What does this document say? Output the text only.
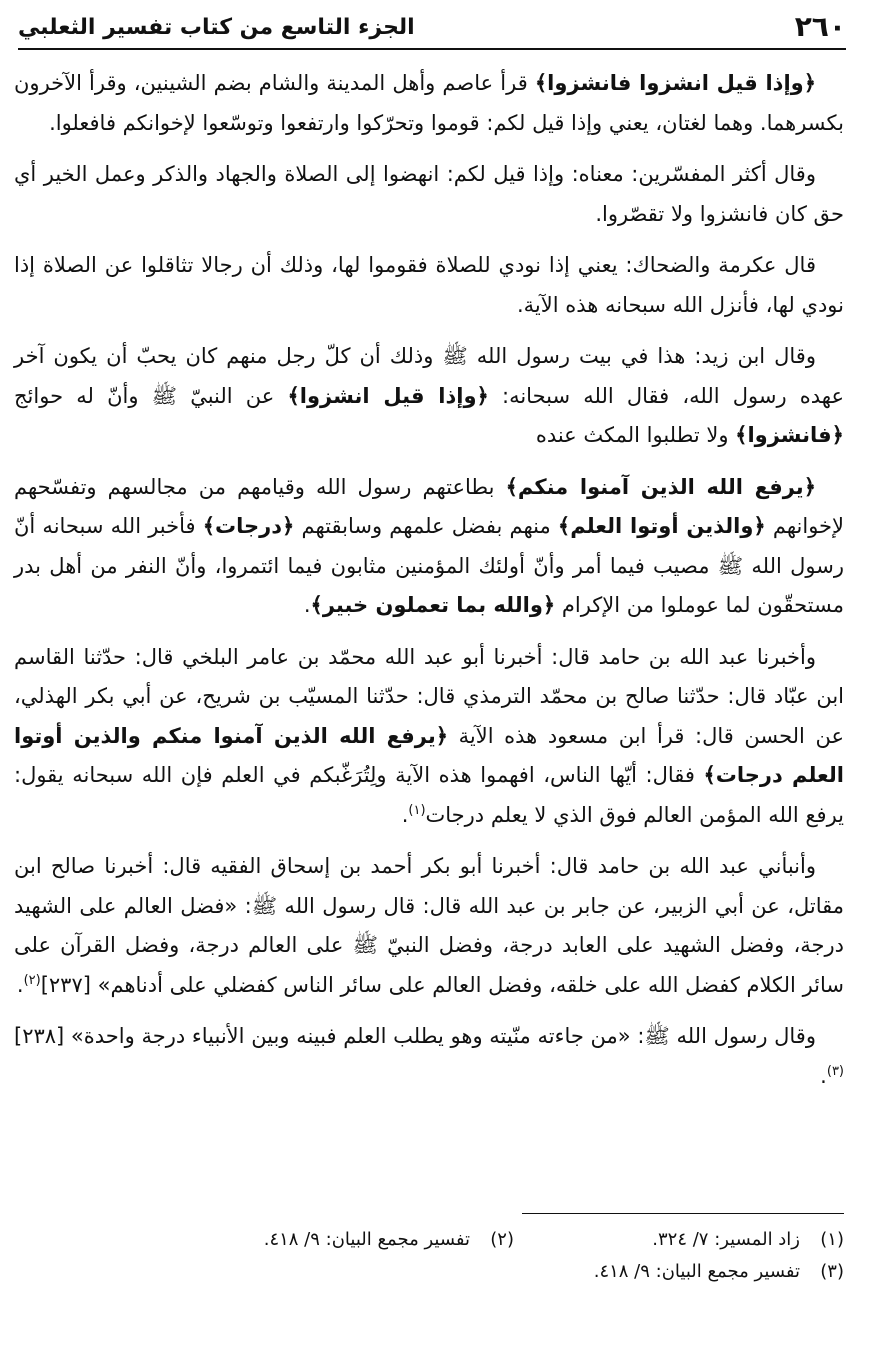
٢٦٠
الجزء التاسع من كتاب تفسير الثعلبي

﴿وإذا قيل انشزوا فانشزوا﴾ قرأ عاصم وأهل المدينة والشام بضم الشينين، وقرأ الآخرون بكسرهما. وهما لغتان، يعني وإذا قيل لكم: قوموا وتحرّكوا وارتفعوا وتوسّعوا لإخوانكم فافعلوا.

وقال أكثر المفسّرين: معناه: وإذا قيل لكم: انهضوا إلى الصلاة والجهاد والذكر وعمل الخير أي حق كان فانشزوا ولا تقصّروا.

قال عكرمة والضحاك: يعني إذا نودي للصلاة فقوموا لها، وذلك أن رجالا تثاقلوا عن الصلاة إذا نودي لها، فأنزل الله سبحانه هذه الآية.

وقال ابن زيد: هذا في بيت رسول الله ﷺ وذلك أن كلّ رجل منهم كان يحبّ أن يكون آخر عهده رسول الله، فقال الله سبحانه: ﴿وإذا قيل انشزوا﴾ عن النبيّ ﷺ وأنّ له حوائج ﴿فانشزوا﴾ ولا تطلبوا المكث عنده

﴿يرفع الله الذين آمنوا منكم﴾ بطاعتهم رسول الله وقيامهم من مجالسهم وتفسّحهم لإخوانهم ﴿والذين أوتوا العلم﴾ منهم بفضل علمهم وسابقتهم ﴿درجات﴾ فأخبر الله سبحانه أنّ رسول الله ﷺ مصيب فيما أمر وأنّ أولئك المؤمنين مثابون فيما ائتمروا، وأنّ النفر من أهل بدر مستحقّون لما عوملوا من الإكرام ﴿والله بما تعملون خبير﴾.

وأخبرنا عبد الله بن حامد قال: أخبرنا أبو عبد الله محمّد بن عامر البلخي قال: حدّثنا القاسم ابن عبّاد قال: حدّثنا صالح بن محمّد الترمذي قال: حدّثنا المسيّب بن شريح، عن أبي بكر الهذلي، عن الحسن قال: قرأ ابن مسعود هذه الآية ﴿يرفع الله الذين آمنوا منكم والذين أوتوا العلم درجات﴾ فقال: أيّها الناس، افهموا هذه الآية ولِتُرَغّبكم في العلم فإن الله سبحانه يقول: يرفع الله المؤمن العالم فوق الذي لا يعلم درجات$^{(١)}$.

وأنبأني عبد الله بن حامد قال: أخبرنا أبو بكر أحمد بن إسحاق الفقيه قال: أخبرنا صالح ابن مقاتل، عن أبي الزبير، عن جابر بن عبد الله قال: قال رسول الله ﷺ: «فضل العالم على الشهيد درجة، وفضل الشهيد على العابد درجة، وفضل النبيّ ﷺ على العالم درجة، وفضل القرآن على سائر الكلام كفضل الله على خلقه، وفضل العالم على سائر الناس كفضلي على أدناهم» [٢٣٧]$^{(٢)}$.

وقال رسول الله ﷺ: «من جاءته منّيته وهو يطلب العلم فبينه وبين الأنبياء درجة واحدة» [٢٣٨]$^{(٣)}$.

(١)زاد المسير: ٧/ ٣٢٤.
(٢)تفسير مجمع البيان: ٩/ ٤١٨.
(٣)تفسير مجمع البيان: ٩/ ٤١٨.
